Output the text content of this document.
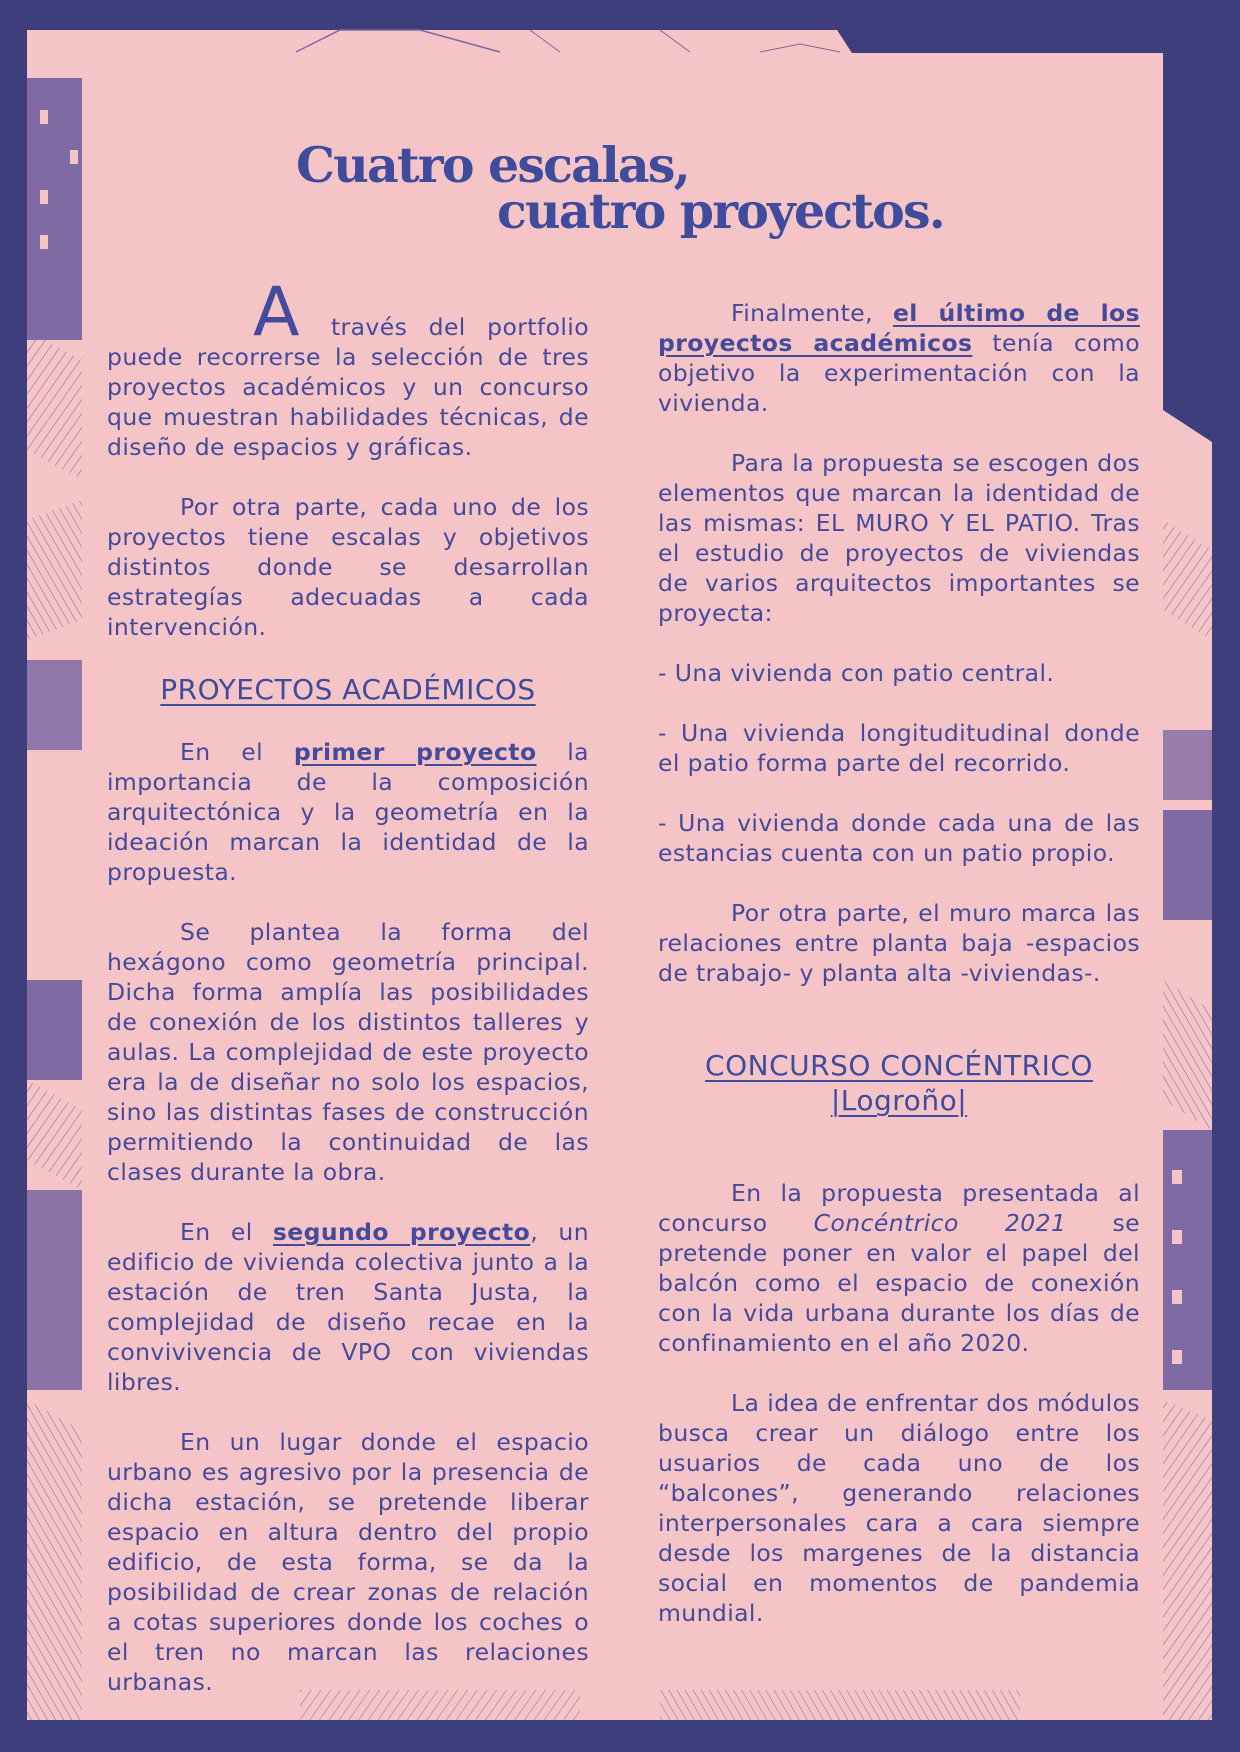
Cuatro escalas,
cuatro proyectos.

A través del portfolio puede recorrerse la selección de tres proyectos académicos y un concurso que muestran habilidades técnicas, de diseño de espacios y gráficas.

Por otra parte, cada uno de los proyectos tiene escalas y objetivos distintos donde se desarrollan estrategías adecuadas a cada intervención.

PROYECTOS ACADÉMICOS

En el primer proyecto la importancia de la composición arquitectónica y la geometría en la ideación marcan la identidad de la propuesta.

Se plantea la forma del hexágono como geometría principal. Dicha forma amplía las posibilidades de conexión de los distintos talleres y aulas. La complejidad de este proyecto era la de diseñar no solo los espacios, sino las distintas fases de construcción permitiendo la continuidad de las clases durante la obra.

En el segundo proyecto, un edificio de vivienda colectiva junto a la estación de tren Santa Justa, la complejidad de diseño recae en la convivivencia de VPO con viviendas libres.

En un lugar donde el espacio urbano es agresivo por la presencia de dicha estación, se pretende liberar espacio en altura dentro del propio edificio, de esta forma, se da la posibilidad de crear zonas de relación a cotas superiores donde los coches o el tren no marcan las relaciones urbanas.

Finalmente, el último de los proyectos académicos tenía como objetivo la experimentación con la vivienda.

Para la propuesta se escogen dos elementos que marcan la identidad de las mismas: EL MURO Y EL PATIO. Tras el estudio de proyectos de viviendas de varios arquitectos importantes se proyecta:

- Una vivienda con patio central.

- Una vivienda longituditudinal donde el patio forma parte del recorrido.

- Una vivienda donde cada una de las estancias cuenta con un patio propio.

Por otra parte, el muro marca las relaciones entre planta baja -espacios de trabajo- y planta alta -viviendas-.

CONCURSO CONCÉNTRICO
|Logroño|

En la propuesta presentada al concurso Concéntrico 2021 se pretende poner en valor el papel del balcón como el espacio de conexión con la vida urbana durante los días de confinamiento en el año 2020.

La idea de enfrentar dos módulos busca crear un diálogo entre los usuarios de cada uno de los “balcones”, generando relaciones interpersonales cara a cara siempre desde los margenes de la distancia social en momentos de pandemia mundial.
